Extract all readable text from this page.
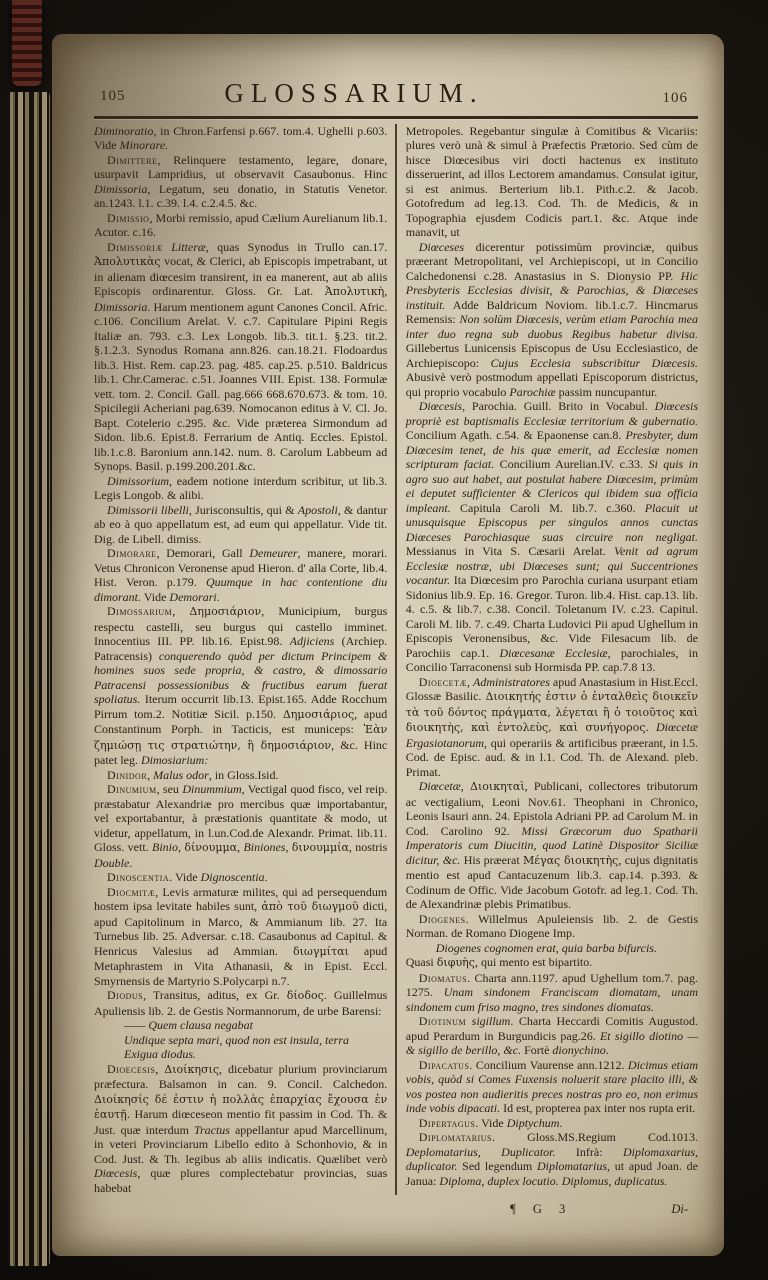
105	GLOSSARIUM.	106

Diminoratio, in Chron.Farfensi p.667. tom.4. Ughelli p.603. Vide Minorare.

Dimittere, Relinquere testamento, legare, donare, usurpavit Lampridius, ut observavit Casaubonus. Hinc Dimissoria, Legatum, seu donatio, in Statutis Venetor. an.1243. l.1. c.39. l.4. c.2.4.5. &c.

Dimissio, Morbi remissio, apud Cælium Aurelianum lib.1. Acutor. c.16.

Dimissoriæ Litteræ, quas Synodus in Trullo can.17. Ἀπολυτικὰς vocat, & Clerici, ab Episcopis impetrabant, ut in alienam diœcesim transirent, in ea manerent, aut ab aliis Episcopis ordinarentur. Gloss. Gr. Lat. Ἀπολυτικὴ, Dimissoria. Harum mentionem agunt Canones Concil. Afric. c.106. Concilium Arelat. V. c.7. Capitulare Pipini Regis Italiæ an. 793. c.3. Lex Longob. lib.3. tit.1. §.23. tit.2. §.1.2.3. Synodus Romana ann.826. can.18.21. Flodoardus lib.3. Hist. Rem. cap.23. pag. 485. cap.25. p.510. Baldricus lib.1. Chr.Camerac. c.51. Joannes VIII. Epist. 138. Formulæ vett. tom. 2. Concil. Gall. pag.666 668.670.673. & tom. 10. Spicilegii Acheriani pag.639. Nomocanon editus à V. Cl. Jo. Bapt. Cotelerio c.295. &c. Vide præterea Sirmondum ad Sidon. lib.6. Epist.8. Ferrarium de Antiq. Eccles. Epistol. lib.1.c.8. Baronium ann.142. num. 8. Carolum Labbeum ad Synops. Basil. p.199.200.201.&c.

Dimissorium, eadem notione interdum scribitur, ut lib.3. Legis Longob. & alibi.

Dimissorii libelli, Jurisconsultis, qui & Apostoli, & dantur ab eo à quo appellatum est, ad eum qui appellatur. Vide tit. Dig. de Libell. dimiss.

Dimorare, Demorari, Gall Demeurer, manere, morari. Vetus Chronicon Veronense apud Hieron. d' alla Corte, lib.4. Hist. Veron. p.179. Quumque in hac contentione diu dimorant. Vide Demorari.

Dimossarium, Δημοσιάριον, Municipium, burgus respectu castelli, seu burgus qui castello imminet. Innocentius III. PP. lib.16. Epist.98. Adjiciens (Archiep. Patracensis) conquerendo quòd per dictum Principem & homines suos sede propria, & castro, & dimossario Patracensi possessionibus & fructibus earum fuerat spoliatus. Iterum occurrit lib.13. Epist.165. Adde Rocchum Pirrum tom.2. Notitiæ Sicil. p.150. Δημοσιάριος, apud Constantinum Porph. in Tacticis, est municeps: Ἐὰν ζημιώσῃ τις στρατιώτην, ἢ δημοσιάριον, &c. Hinc patet leg. Dimosiarium:

Dinidor, Malus odor, in Gloss.Isid.

Dinumium, seu Dinummium, Vectigal quod fisco, vel reip. præstabatur Alexandriæ pro mercibus quæ importabantur, vel exportabantur, à præstationis quantitate & modo, ut videtur, appellatum, in l.un.Cod.de Alexandr. Primat. lib.11. Gloss. vett. Binio, δίνουμμα, Biniones, δινουμμία, nostris Double.

Dinoscentia. Vide Dignoscentia.

Diocmitæ, Levis armaturæ milites, qui ad persequendum hostem ipsa levitate habiles sunt, ἀπὸ τοῦ διωγμοῦ dicti, apud Capitolinum in Marco, & Ammianum lib. 27. Ita Turnebus lib. 25. Adversar. c.18. Casaubonus ad Capitul. & Henricus Valesius ad Ammian. διωγμίται apud Metaphrastem in Vita Athanasii, & in Epist. Eccl. Smyrnensis de Martyrio S.Polycarpi n.7.

Diodus, Transitus, aditus, ex Gr. δίοδος. Guillelmus Apuliensis lib. 2. de Gestis Normannorum, de urbe Barensi:

—— Quem clausa negabat

Undique septa mari, quod non est insula, terra

Exigua diodus.

Dioecesis, Διοίκησις, dicebatur plurium provinciarum præfectura. Balsamon in can. 9. Concil. Calchedon. Διοίκησίς δέ ἐστιν ἡ πολλὰς ἐπαρχίας ἔχουσα ἐν ἑαυτῇ. Harum diœceseon mentio fit passim in Cod. Th. & Just. quæ interdum Tractus appellantur apud Marcellinum, in veteri Provinciarum Libello edito à Schonhovio, & in Cod. Just. & Th. legibus ab aliis indicatis. Quælibet verò Diœcesis, quæ plures complectebatur provincias, suas habebat

Metropoles. Regebantur singulæ à Comitibus & Vicariis: plures verò unà & simul à Præfectis Prætorio. Sed cùm de hisce Diœcesibus viri docti hactenus ex instituto disseruerint, ad illos Lectorem amandamus. Consulat igitur, si est animus. Berterium lib.1. Pith.c.2. & Jacob. Gotofredum ad leg.13. Cod. Th. de Medicis, & in Topographia ejusdem Codicis part.1. &c. Atque inde manavit, ut

Diœceses dicerentur potissimùm provinciæ, quibus præerant Metropolitani, vel Archiepiscopi, ut in Concilio Calchedonensi c.28. Anastasius in S. Dionysio PP. Hic Presbyteris Ecclesias divisit, & Parochias, & Diœceses instituit. Adde Baldricum Noviom. lib.1.c.7. Hincmarus Remensis: Non solùm Diœcesis, verùm etiam Parochia mea inter duo regna sub duobus Regibus habetur divisa. Gillebertus Lunicensis Episcopus de Usu Ecclesiastico, de Archiepiscopo: Cujus Ecclesia subscribitur Diœcesis. Abusivè verò postmodum appellati Episcoporum districtus, qui proprio vocabulo Parochiæ passim nuncupantur.

Diœcesis, Parochia. Guill. Brito in Vocabul. Diœcesis propriè est baptismalis Ecclesiæ territorium & gubernatio. Concilium Agath. c.54. & Epaonense can.8. Presbyter, dum Diœcesim tenet, de his quæ emerit, ad Ecclesiæ nomen scripturam faciat. Concilium Aurelian.IV. c.33. Si quis in agro suo aut habet, aut postulat habere Diœcesim, primùm ei deputet sufficienter & Clericos qui ibidem sua officia impleant. Capitula Caroli M. lib.7. c.360. Placuit ut unusquisque Episcopus per singulos annos cunctas Diœceses Parochiasque suas circuire non negligat. Messianus in Vita S. Cæsarii Arelat. Venit ad agrum Ecclesiæ nostræ, ubi Diœceses sunt; qui Succentriones vocantur. Ita Diœcesim pro Parochia curiana usurpant etiam Sidonius lib.9. Ep. 16. Gregor. Turon. lib.4. Hist. cap.13. lib. 4. c.5. & lib.7. c.38. Concil. Toletanum IV. c.23. Capitul. Caroli M. lib. 7. c.49. Charta Ludovici Pii apud Ughellum in Episcopis Veronensibus, &c. Vide Filesacum lib. de Parochiis cap.1. Diœcesanæ Ecclesiæ, parochiales, in Concilio Tarraconensi sub Hormisda PP. cap.7.8 13.

Dioecetæ, Administratores apud Anastasium in Hist.Eccl. Glossæ Basilic. Διοικητής ἐστιν ὁ ἐνταλθεὶς διοικεῖν τὰ τοῦ δόντος πράγματα, λέγεται ἢ ὁ τοιοῦτος καὶ διοικητὴς, καὶ ἐντολεὺς, καὶ συνήγορος. Diœcetæ Ergasiotanorum, qui operariis & artificibus præerant, in l.5. Cod. de Episc. aud. & in l.1. Cod. Th. de Alexand. pleb. Primat.

Diœcetæ, Διοικηταὶ, Publicani, collectores tributorum ac vectigalium, Leoni Nov.61. Theophani in Chronico, Leonis Isauri ann. 24. Epistola Adriani PP. ad Carolum M. in Cod. Carolino 92. Missi Græcorum duo Spatharii Imperatoris cum Diucitin, quod Latinè Dispositor Siciliæ dicitur, &c. His præerat Μέγας διοικητὴς, cujus dignitatis mentio est apud Cantacuzenum lib.3. cap.14. p.393. & Codinum de Offic. Vide Jacobum Gotofr. ad leg.1. Cod. Th. de Alexandrinæ plebis Primatibus.

Diogenes. Willelmus Apuleiensis lib. 2. de Gestis Norman. de Romano Diogene Imp.

Diogenes cognomen erat, quia barba bifurcis.

Quasi διφυὴς, qui mento est bipartito.

Diomatus. Charta ann.1197. apud Ughellum tom.7. pag. 1275. Unam sindonem Franciscam diomatam, unam sindonem cum friso magno, tres sindones diomatas.

Diotinum sigillum. Charta Heccardi Comitis Augustod. apud Perardum in Burgundicis pag.26. Et sigillo diotino — & sigillo de berillo, &c. Fortè dionychino.

Dipacatus. Concilium Vaurense ann.1212. Dicimus etiam vobis, quòd si Comes Fuxensis noluerit stare placito illi, & vos postea non audieritis preces nostras pro eo, non erimus inde vobis dipacati. Id est, propterea pax inter nos rupta erit.

Dipertagus. Vide Diptychum.

Diplomatarius. Gloss.MS.Regium Cod.1013. Deplomatarius, Duplicator. Infrà: Diplomaxarius, duplicator. Sed legendum Diplomatarius, ut apud Joan. de Janua: Diploma, duplex locutio. Diplomus, duplicatus.

¶ G 3	Di-
